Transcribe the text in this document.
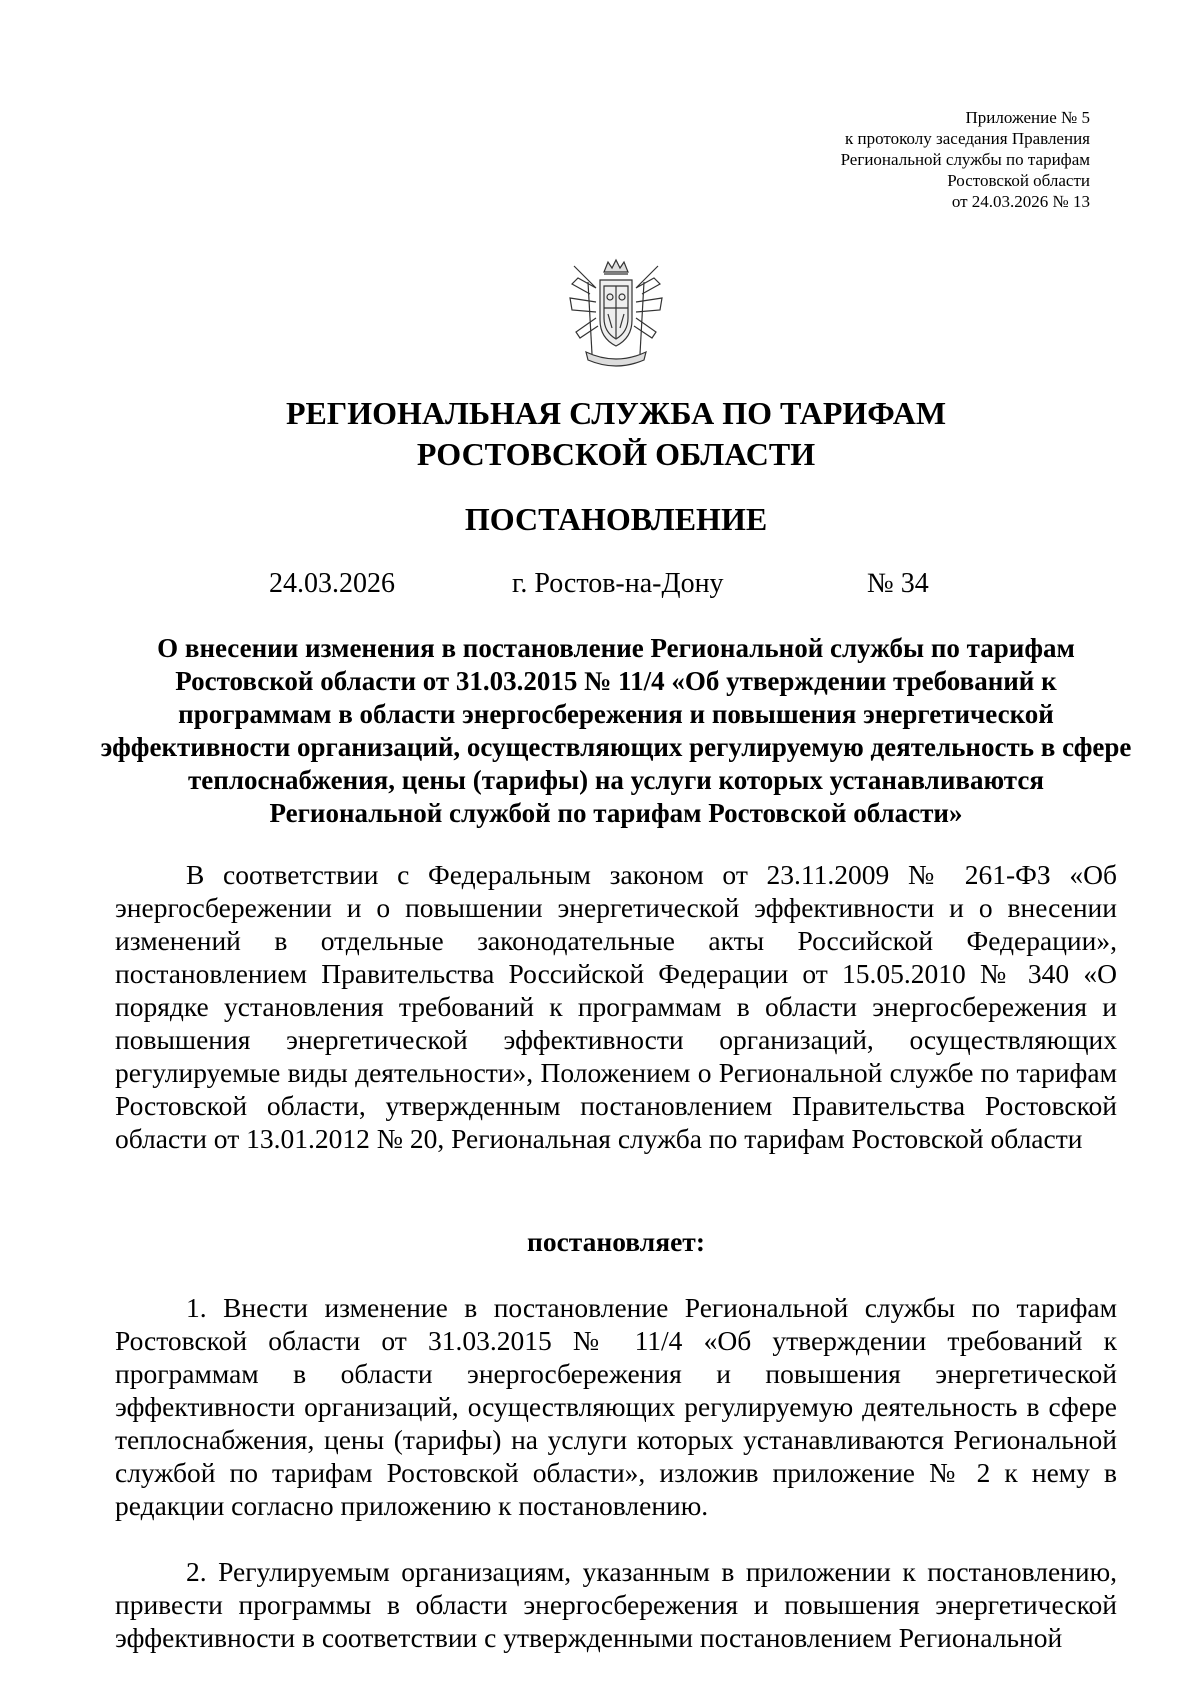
Приложение № 5
к протоколу заседания Правления
Региональной службы по тарифам
Ростовской области
от 24.03.2026 № 13
РЕГИОНАЛЬНАЯ СЛУЖБА ПО ТАРИФАМ
РОСТОВСКОЙ ОБЛАСТИ
ПОСТАНОВЛЕНИЕ
24.03.2026	г. Ростов-на-Дону	№ 34
О внесении изменения в постановление Региональной службы по тарифам Ростовской области от 31.03.2015 № 11/4 «Об утверждении требований к программам в области энергосбережения и повышения энергетической эффективности организаций, осуществляющих регулируемую деятельность в сфере теплоснабжения, цены (тарифы) на услуги которых устанавливаются Региональной службой по тарифам Ростовской области»
В соответствии с Федеральным законом от 23.11.2009 № 261-ФЗ «Об энергосбережении и о повышении энергетической эффективности и о внесении изменений в отдельные законодательные акты Российской Федерации», постановлением Правительства Российской Федерации от 15.05.2010 № 340 «О порядке установления требований к программам в области энергосбережения и повышения энергетической эффективности организаций, осуществляющих регулируемые виды деятельности», Положением о Региональной службе по тарифам Ростовской области, утвержденным постановлением Правительства Ростовской области от 13.01.2012 № 20, Региональная служба по тарифам Ростовской области
постановляет:
1. Внести изменение в постановление Региональной службы по тарифам Ростовской области от 31.03.2015 № 11/4 «Об утверждении требований к программам в области энергосбережения и повышения энергетической эффективности организаций, осуществляющих регулируемую деятельность в сфере теплоснабжения, цены (тарифы) на услуги которых устанавливаются Региональной службой по тарифам Ростовской области», изложив приложение № 2 к нему в редакции согласно приложению к постановлению.
2. Регулируемым организациям, указанным в приложении к постановлению, привести программы в области энергосбережения и повышения энергетической эффективности в соответствии с утвержденными постановлением Региональной
